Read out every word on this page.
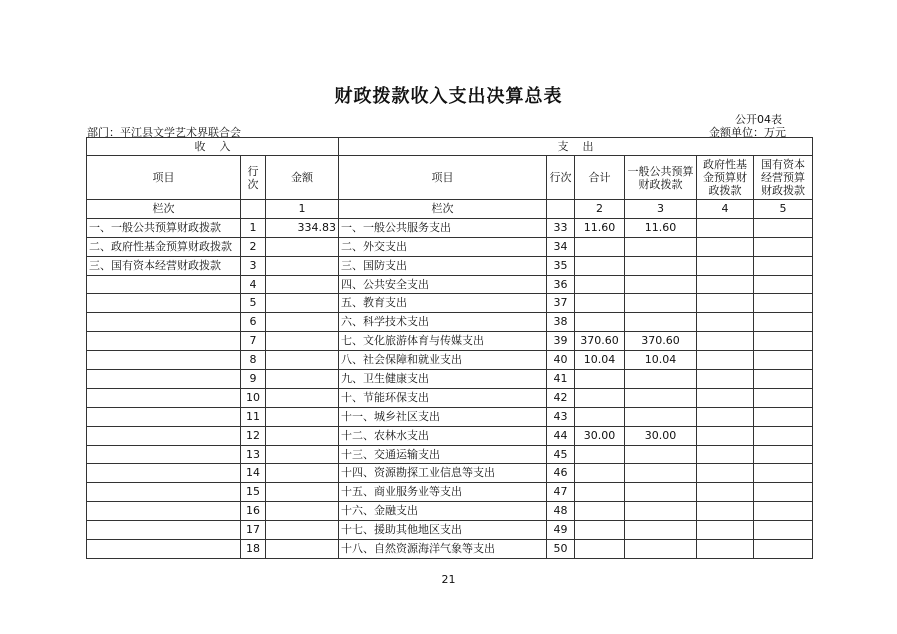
财政拨款收入支出决算总表
公开04表
部门：平江县文学艺术界联合会	金额单位：万元
收    入			支    出					
项目	行次	金额	项目	行次	合计	一般公共预算财政拨款	政府性基金预算财政拨款	国有资本经营预算财政拨款
栏次		1	栏次		2	3	4	5
一、一般公共预算财政拨款	1	334.83	一、一般公共服务支出	33	11.60	11.60		
二、政府性基金预算财政拨款	2		二、外交支出	34				
三、国有资本经营财政拨款	3		三、国防支出	35				
	4		四、公共安全支出	36				
	5		五、教育支出	37				
	6		六、科学技术支出	38				
	7		七、文化旅游体育与传媒支出	39	370.60	370.60		
	8		八、社会保障和就业支出	40	10.04	10.04		
	9		九、卫生健康支出	41				
	10		十、节能环保支出	42				
	11		十一、城乡社区支出	43				
	12		十二、农林水支出	44	30.00	30.00		
	13		十三、交通运输支出	45				
	14		十四、资源勘探工业信息等支出	46				
	15		十五、商业服务业等支出	47				
	16		十六、金融支出	48				
	17		十七、援助其他地区支出	49				
	18		十八、自然资源海洋气象等支出	50				
21
